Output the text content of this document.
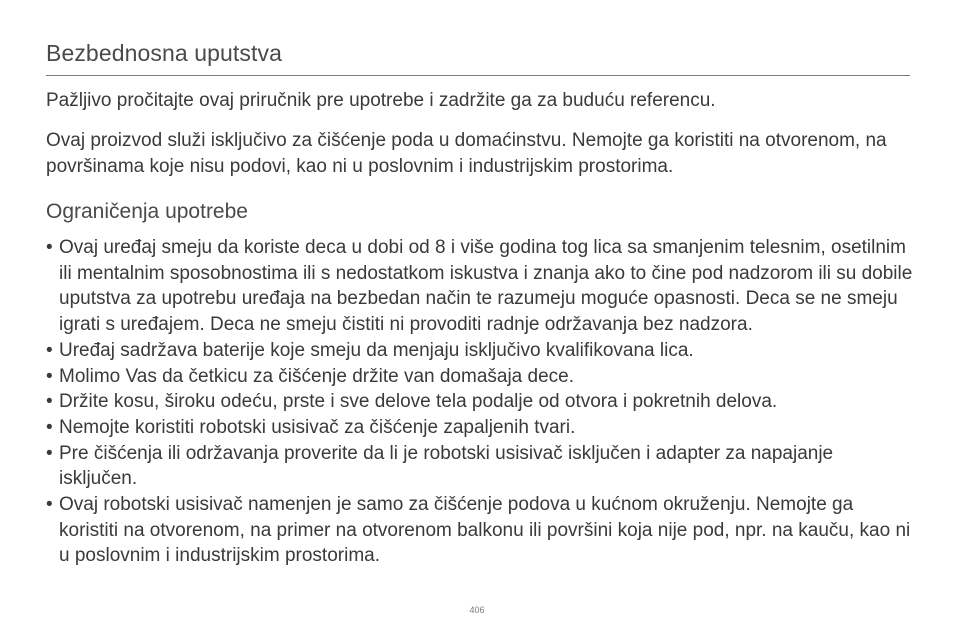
Bezbednosna uputstva
Pažljivo pročitajte ovaj priručnik pre upotrebe i zadržite ga za buduću referencu.
Ovaj proizvod služi isključivo za čišćenje poda u domaćinstvu. Nemojte ga koristiti na otvorenom, na površinama koje nisu podovi, kao ni u poslovnim i industrijskim prostorima.
Ograničenja upotrebe
• Ovaj uređaj smeju da koriste deca u dobi od 8 i više godina tog lica sa smanjenim telesnim, osetilnim ili mentalnim sposobnostima ili s nedostatkom iskustva i znanja ako to čine pod nadzorom ili su dobile uputstva za upotrebu uređaja na bezbedan način te razumeju moguće opasnosti. Deca se ne smeju igrati s uređajem. Deca ne smeju čistiti ni provoditi radnje održavanja bez nadzora.
• Uređaj sadržava baterije koje smeju da menjaju isključivo kvalifikovana lica.
• Molimo Vas da četkicu za čišćenje držite van domašaja dece.
• Držite kosu, široku odeću, prste i sve delove tela podalje od otvora i pokretnih delova.
• Nemojte koristiti robotski usisivač za čišćenje zapaljenih tvari.
• Pre čišćenja ili održavanja proverite da li je robotski usisivač isključen i adapter za napajanje isključen.
• Ovaj robotski usisivač namenjen je samo za čišćenje podova u kućnom okruženju. Nemojte ga koristiti na otvorenom, na primer na otvorenom balkonu ili površini koja nije pod, npr. na kauču, kao ni u poslovnim i industrijskim prostorima.
406
